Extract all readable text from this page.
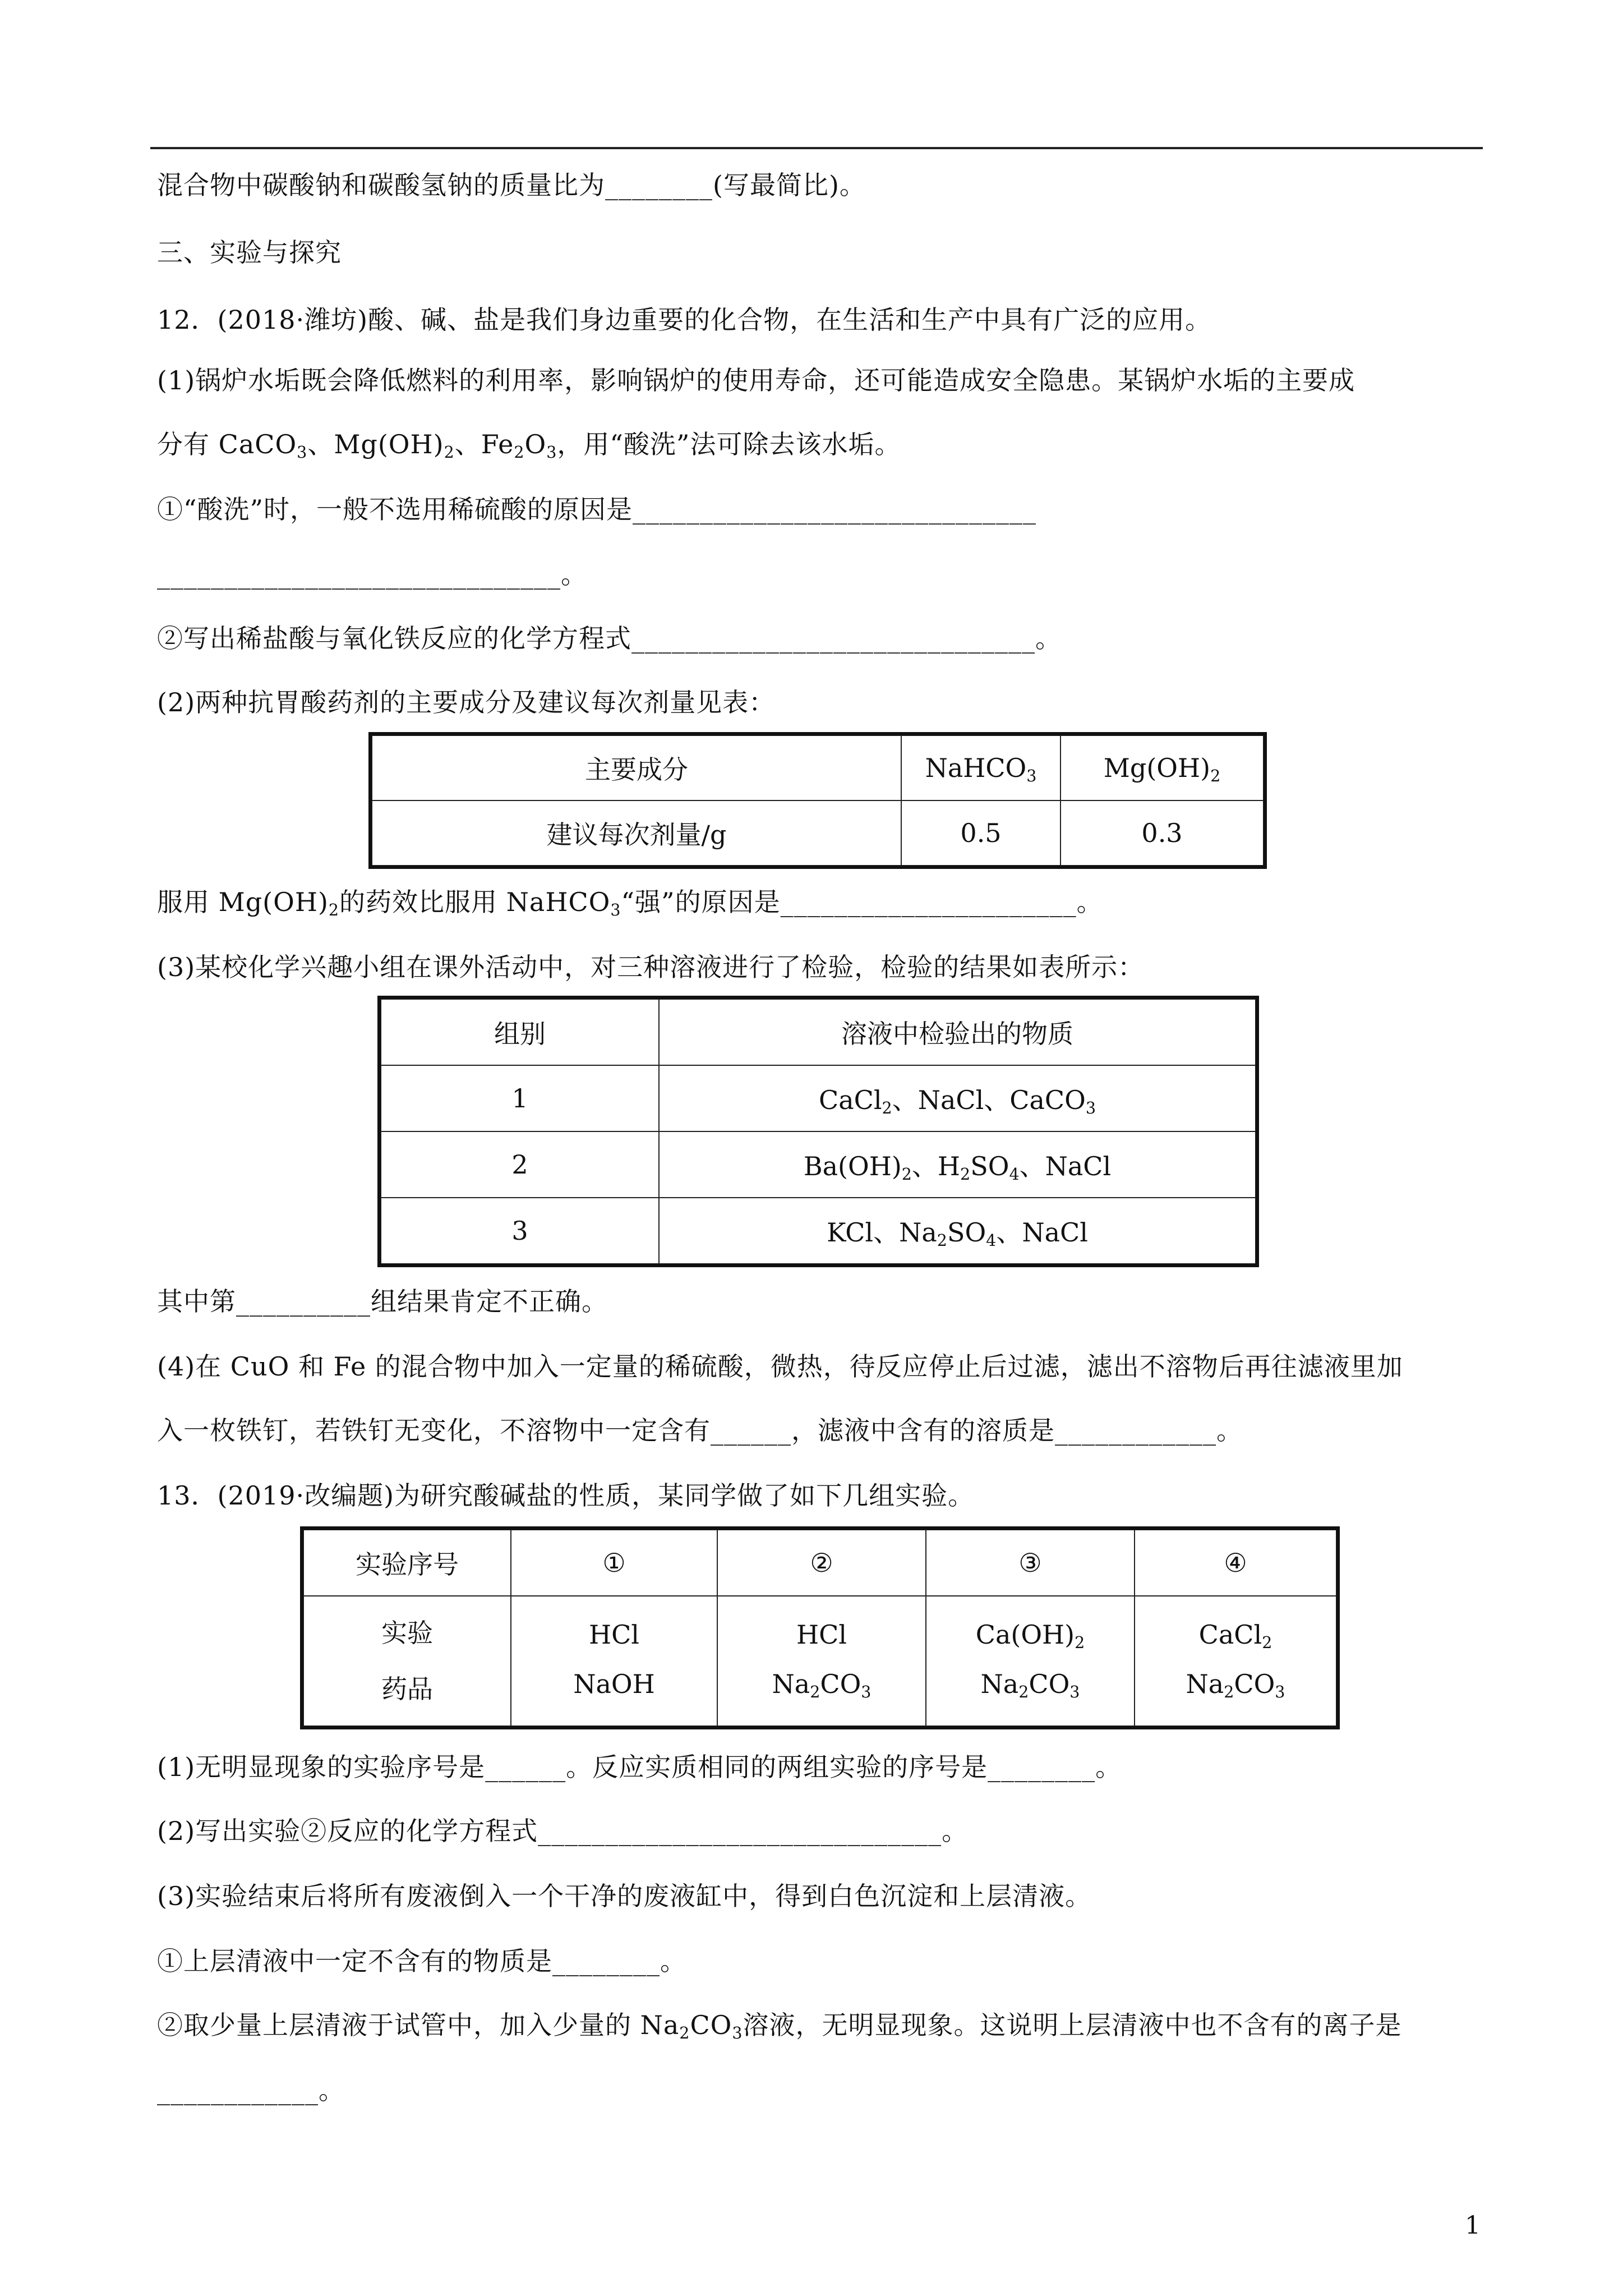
混合物中碳酸钠和碳酸氢钠的质量比为________(写最简比)。
三、实验与探究
12．(2018·潍坊)酸、碱、盐是我们身边重要的化合物，在生活和生产中具有广泛的应用。
(1)锅炉水垢既会降低燃料的利用率，影响锅炉的使用寿命，还可能造成安全隐患。某锅炉水垢的主要成
分有 CaCO$_3$、$Mg(OH)_2$、$Fe_2O_3$，用“酸洗”法可除去该水垢。
①“酸洗”时，一般不选用稀硫酸的原因是______________________________
______________________________。
②写出稀盐酸与氧化铁反应的化学方程式______________________________。
(2)两种抗胃酸药剂的主要成分及建议每次剂量见表：
主要成分	NaHCO$_3$	$Mg(OH)_2$
建议每次剂量/g	0.5	0.3
服用 $Mg(OH)_2$的药效比服用 NaHCO$_3$“强”的原因是______________________。
(3)某校化学兴趣小组在课外活动中，对三种溶液进行了检验，检验的结果如表所示：
组别	溶液中检验出的物质
1	CaCl$_2$、NaCl、CaCO$_3$
2	$Ba(OH)_2$、$H_2SO_4$、NaCl
3	KCl、$Na_2SO_4$、NaCl
其中第__________组结果肯定不正确。
(4)在 CuO 和 Fe 的混合物中加入一定量的稀硫酸，微热，待反应停止后过滤，滤出不溶物后再往滤液里加
入一枚铁钉，若铁钉无变化，不溶物中一定含有______，滤液中含有的溶质是____________。
13．(2019·改编题)为研究酸碱盐的性质，某同学做了如下几组实验。
实验序号	①	②	③	④
实验	HCl	HCl	$Ca(OH)_2$	CaCl$_2$
药品	NaOH	$Na_2CO_3$	$Na_2CO_3$	$Na_2CO_3$
(1)无明显现象的实验序号是______。反应实质相同的两组实验的序号是________。
(2)写出实验②反应的化学方程式______________________________。
(3)实验结束后将所有废液倒入一个干净的废液缸中，得到白色沉淀和上层清液。
①上层清液中一定不含有的物质是________。
②取少量上层清液于试管中，加入少量的 $Na_2CO_3$溶液，无明显现象。这说明上层清液中也不含有的离子是
____________。
1
